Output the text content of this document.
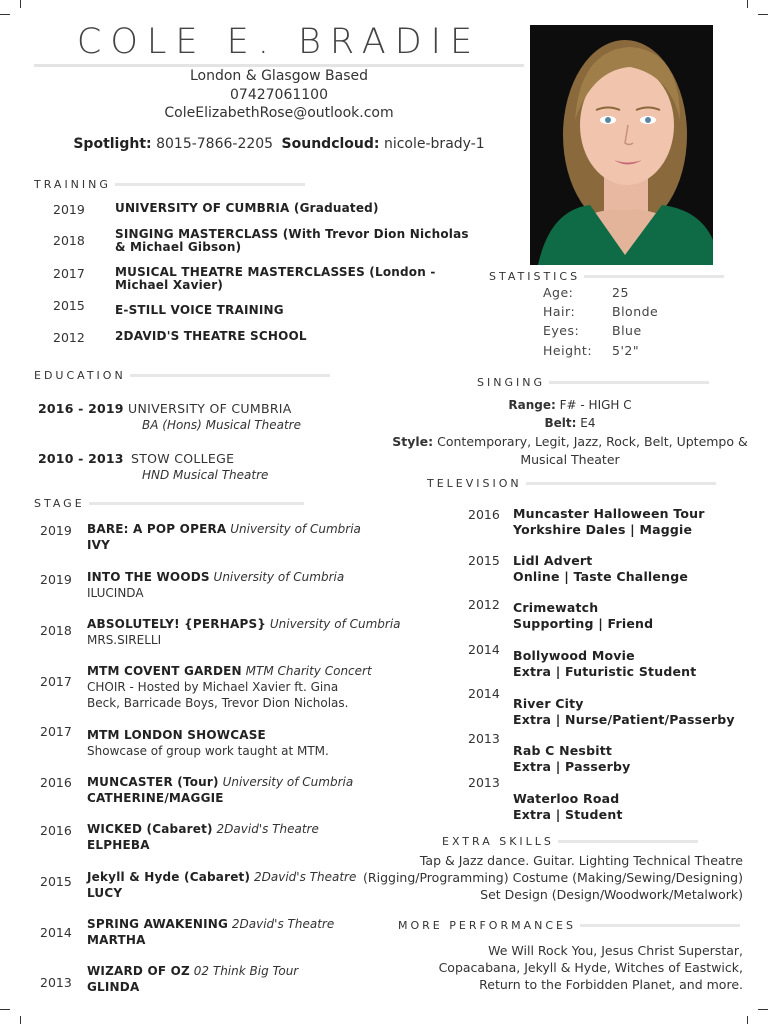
COLE E. BRADIE
London & Glasgow Based
07427061100
ColeElizabethRose@outlook.com
Spotlight: 8015-7866-2205 Soundcloud: nicole-brady-1
TRAINING
2019	UNIVERSITY OF CUMBRIA (Graduated)
2018	SINGING MASTERCLASS (With Trevor Dion Nicholas
& Michael Gibson)
2017	MUSICAL THEATRE MASTERCLASSES (London -
Michael Xavier)
2015	E-STILL VOICE TRAINING
2012	2DAVID'S THEATRE SCHOOL
EDUCATION
2016 - 2019 UNIVERSITY OF CUMBRIA
BA (Hons) Musical Theatre
2010 - 2013 STOW COLLEGE
HND Musical Theatre
STAGE
2019 BARE: A POP OPERA University of Cumbria
IVY
2019 INTO THE WOODS University of Cumbria
ILUCINDA
2018 ABSOLUTELY! {PERHAPS} University of Cumbria
MRS.SIRELLI
2017
MTM COVENT GARDEN MTM Charity Concert
CHOIR - Hosted by Michael Xavier ft. Gina
Beck, Barricade Boys, Trevor Dion Nicholas.
2017 MTM LONDON SHOWCASE
Showcase of group work taught at MTM.
2016 MUNCASTER (Tour) University of Cumbria
CATHERINE/MAGGIE
2016 WICKED (Cabaret) 2David's Theatre
ELPHEBA
2015 Jekyll & Hyde (Cabaret) 2David's Theatre
LUCY
2014
SPRING AWAKENING 2David's Theatre
MARTHA
2013
WIZARD OF OZ 02 Think Big Tour
GLINDA
STATISTICS
Age:	25
Hair:	Blonde
Eyes:	Blue
Height: 5'2"
SINGING
Range: F# - HIGH C
Belt: E4
Style: Contemporary, Legit, Jazz, Rock, Belt, Uptempo &
Musical Theater
TELEVISION
2016 Muncaster Halloween Tour
Yorkshire Dales | Maggie
2015 Lidl Advert
Online | Taste Challenge
2012 Crimewatch
Supporting | Friend
2014 Bollywood Movie
Extra | Futuristic Student
2014
River City
Extra | Nurse/Patient/Passerby
2013
Rab C Nesbitt
Extra | Passerby
2013
Waterloo Road
Extra | Student
EXTRA SKILLS
Tap & Jazz dance. Guitar. Lighting Technical Theatre
(Rigging/Programming) Costume (Making/Sewing/Designing)
Set Design (Design/Woodwork/Metalwork)
MORE PERFORMANCES
We Will Rock You, Jesus Christ Superstar,
Copacabana, Jekyll & Hyde, Witches of Eastwick,
Return to the Forbidden Planet, and more.
